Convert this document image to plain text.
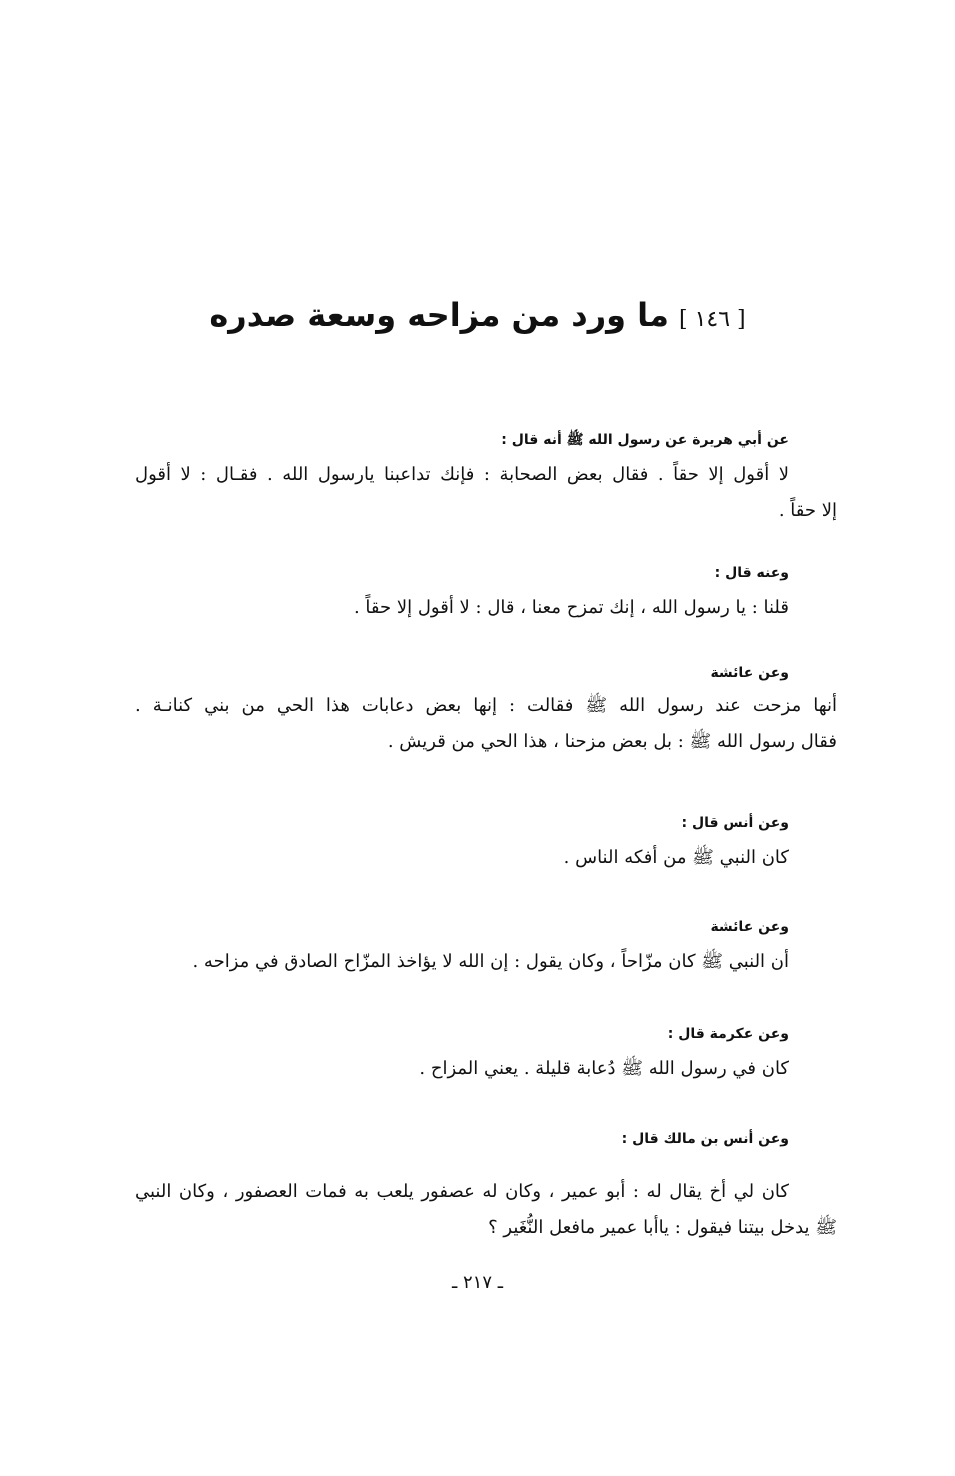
[ ١٤٦ ]ما ورد من مزاحه وسعة صدره
عن أبي هريرة عن رسول الله ﷺ أنه قال :
لا أقول إلا حقاً . فقال بعض الصحابة : فإنك تداعبنا يارسول الله . فقـال : لا أقول
إلا حقاً .
وعنه قال :
قلنا : يا رسول الله ، إنك تمزح معنا ، قال : لا أقول إلا حقاً .
وعن عائشة
أنها مزحت عند رسول الله ﷺ فقالت : إنها بعض دعابات هذا الحي من بني كنانـة .
فقال رسول الله ﷺ : بل بعض مزحنا ، هذا الحي من قريش .
وعن أنس قال :
كان النبي ﷺ من أفكه الناس .
وعن عائشة
أن النبي ﷺ كان مزّاحاً ، وكان يقول : إن الله لا يؤاخذ المزّاح الصادق في مزاحه .
وعن عكرمة قال :
كان في رسول الله ﷺ دُعابة قليلة . يعني المزاح .
وعن أنس بن مالك قال :
كان لي أخ يقال له : أبو عمير ، وكان له عصفور يلعب به فمات العصفور ، وكان النبي
ﷺ يدخل بيتنا فيقول : ياأبا عمير مافعل النُّغَير ؟
ـ ٢١٧ ـ
